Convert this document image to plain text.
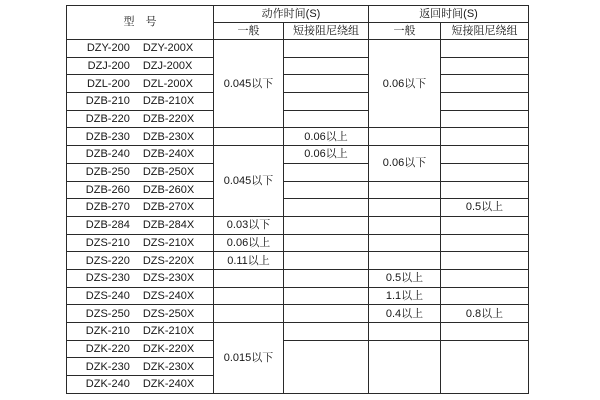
型　号	动作时间(S)		返回时间(S)	
	一般	短接阻尼绕组	一般	短接阻尼绕组

DZY-200 DZY-200X	0.045以下		0.06以下	

DZJ-200 DZJ-200X				

DZL-200 DZL-200X				

DZB-210 DZB-210X				

DZB-220 DZB-220X				

DZB-230 DZB-230X		0.06以上		

DZB-240 DZB-240X	0.045以下	0.06以上	0.06以下	

DZB-250 DZB-250X				

DZB-260 DZB-260X				

DZB-270 DZB-270X				0.5以上

DZB-284 DZB-284X	0.03以下			

DZS-210 DZS-210X	0.06以上			

DZS-220 DZS-220X	0.11以上			

DZS-230 DZS-230X			0.5以上	

DZS-240 DZS-240X			1.1以上	

DZS-250 DZS-250X			0.4以上	0.8以上

DZK-210 DZK-210X	0.015以下			

DZK-220 DZK-220X				

DZK-230 DZK-230X				

DZK-240 DZK-240X				
